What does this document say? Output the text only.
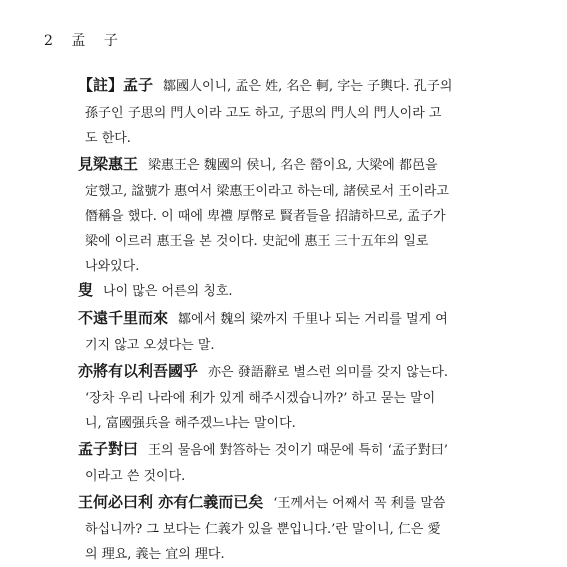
2 孟 子
【註】孟子 鄒國人이니, 孟은 姓, 名은 軻, 字는 子輿다. 孔子의
孫子인 子思의 門人이라 고도 하고, 子思의 門人의 門人이라 고
도 한다.
見梁惠王 梁惠王은 魏國의 侯니, 名은 罃이요, 大梁에 都邑을
定했고, 諡號가 惠여서 梁惠王이라고 하는데, 諸侯로서 王이라고
僭稱을 했다. 이 때에 卑禮 厚幣로 賢者들을 招請하므로, 孟子가
梁에 이르러 惠王을 본 것이다. 史記에 惠王 三十五年의 일로
나와있다.
叟 나이 많은 어른의 칭호.
不遠千里而來 鄒에서 魏의 梁까지 千里나 되는 거리를 멀게 여
기지 않고 오셨다는 말.
亦將有以利吾國乎 亦은 發語辭로 별스런 의미를 갖지 않는다.
‘장차 우리 나라에 利가 있게 해주시겠습니까?’ 하고 묻는 말이
니, 富國强兵을 해주겠느냐는 말이다.
孟子對曰 王의 물음에 對答하는 것이기 때문에 특히 ‘孟子對曰’
이라고 쓴 것이다.
王何必曰利 亦有仁義而已矣 ‘王께서는 어째서 꼭 利를 말씀
하십니까? 그 보다는 仁義가 있을 뿐입니다.’란 말이니, 仁은 愛
의 理요, 義는 宜의 理다.
